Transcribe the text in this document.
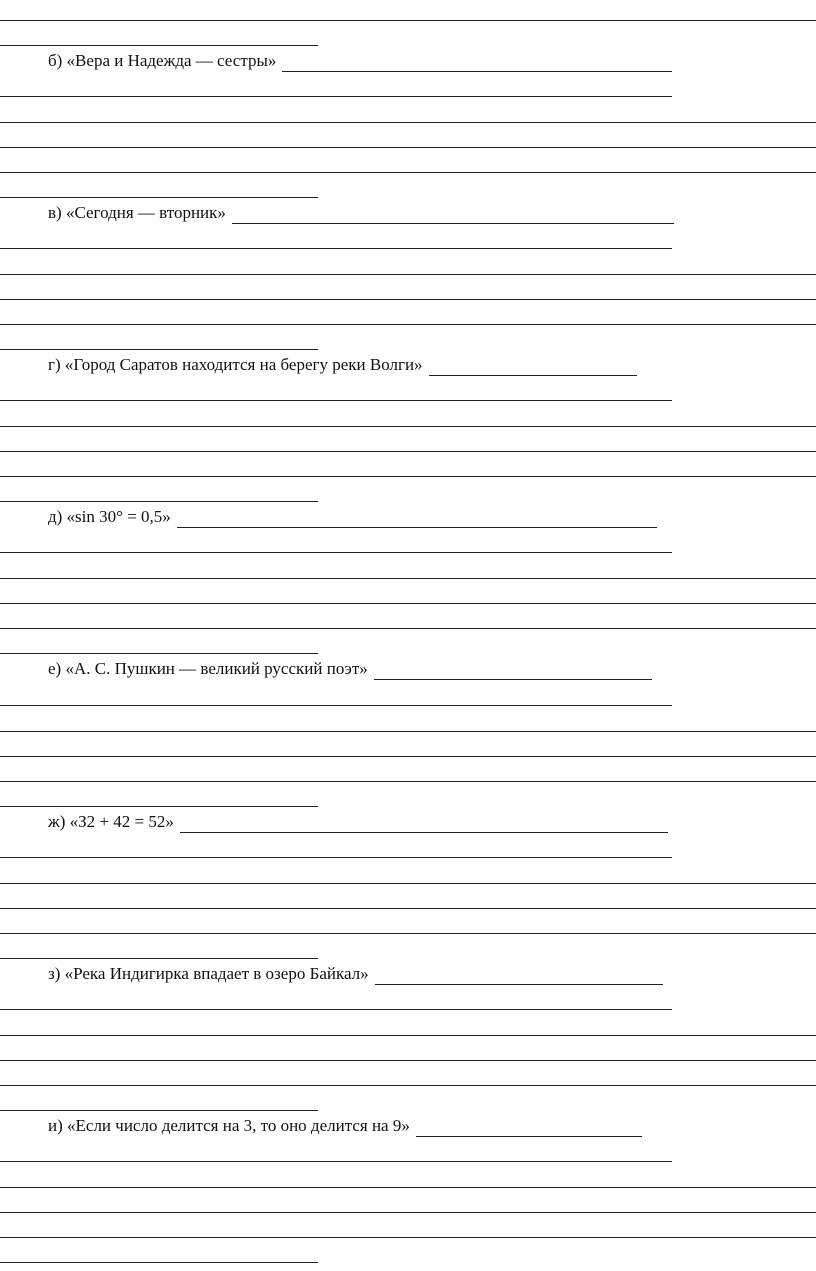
б) «Вера и Надежда — сестры»
в) «Сегодня — вторник»
г) «Город Саратов находится на берегу реки Волги»
д) «sin 30° = 0,5»
е) «А. С. Пушкин — великий русский поэт»
ж) «З2 + 42 = 52»
з) «Река Индигирка впадает в озеро Байкал»
и) «Если число делится на 3, то оно делится на 9»
